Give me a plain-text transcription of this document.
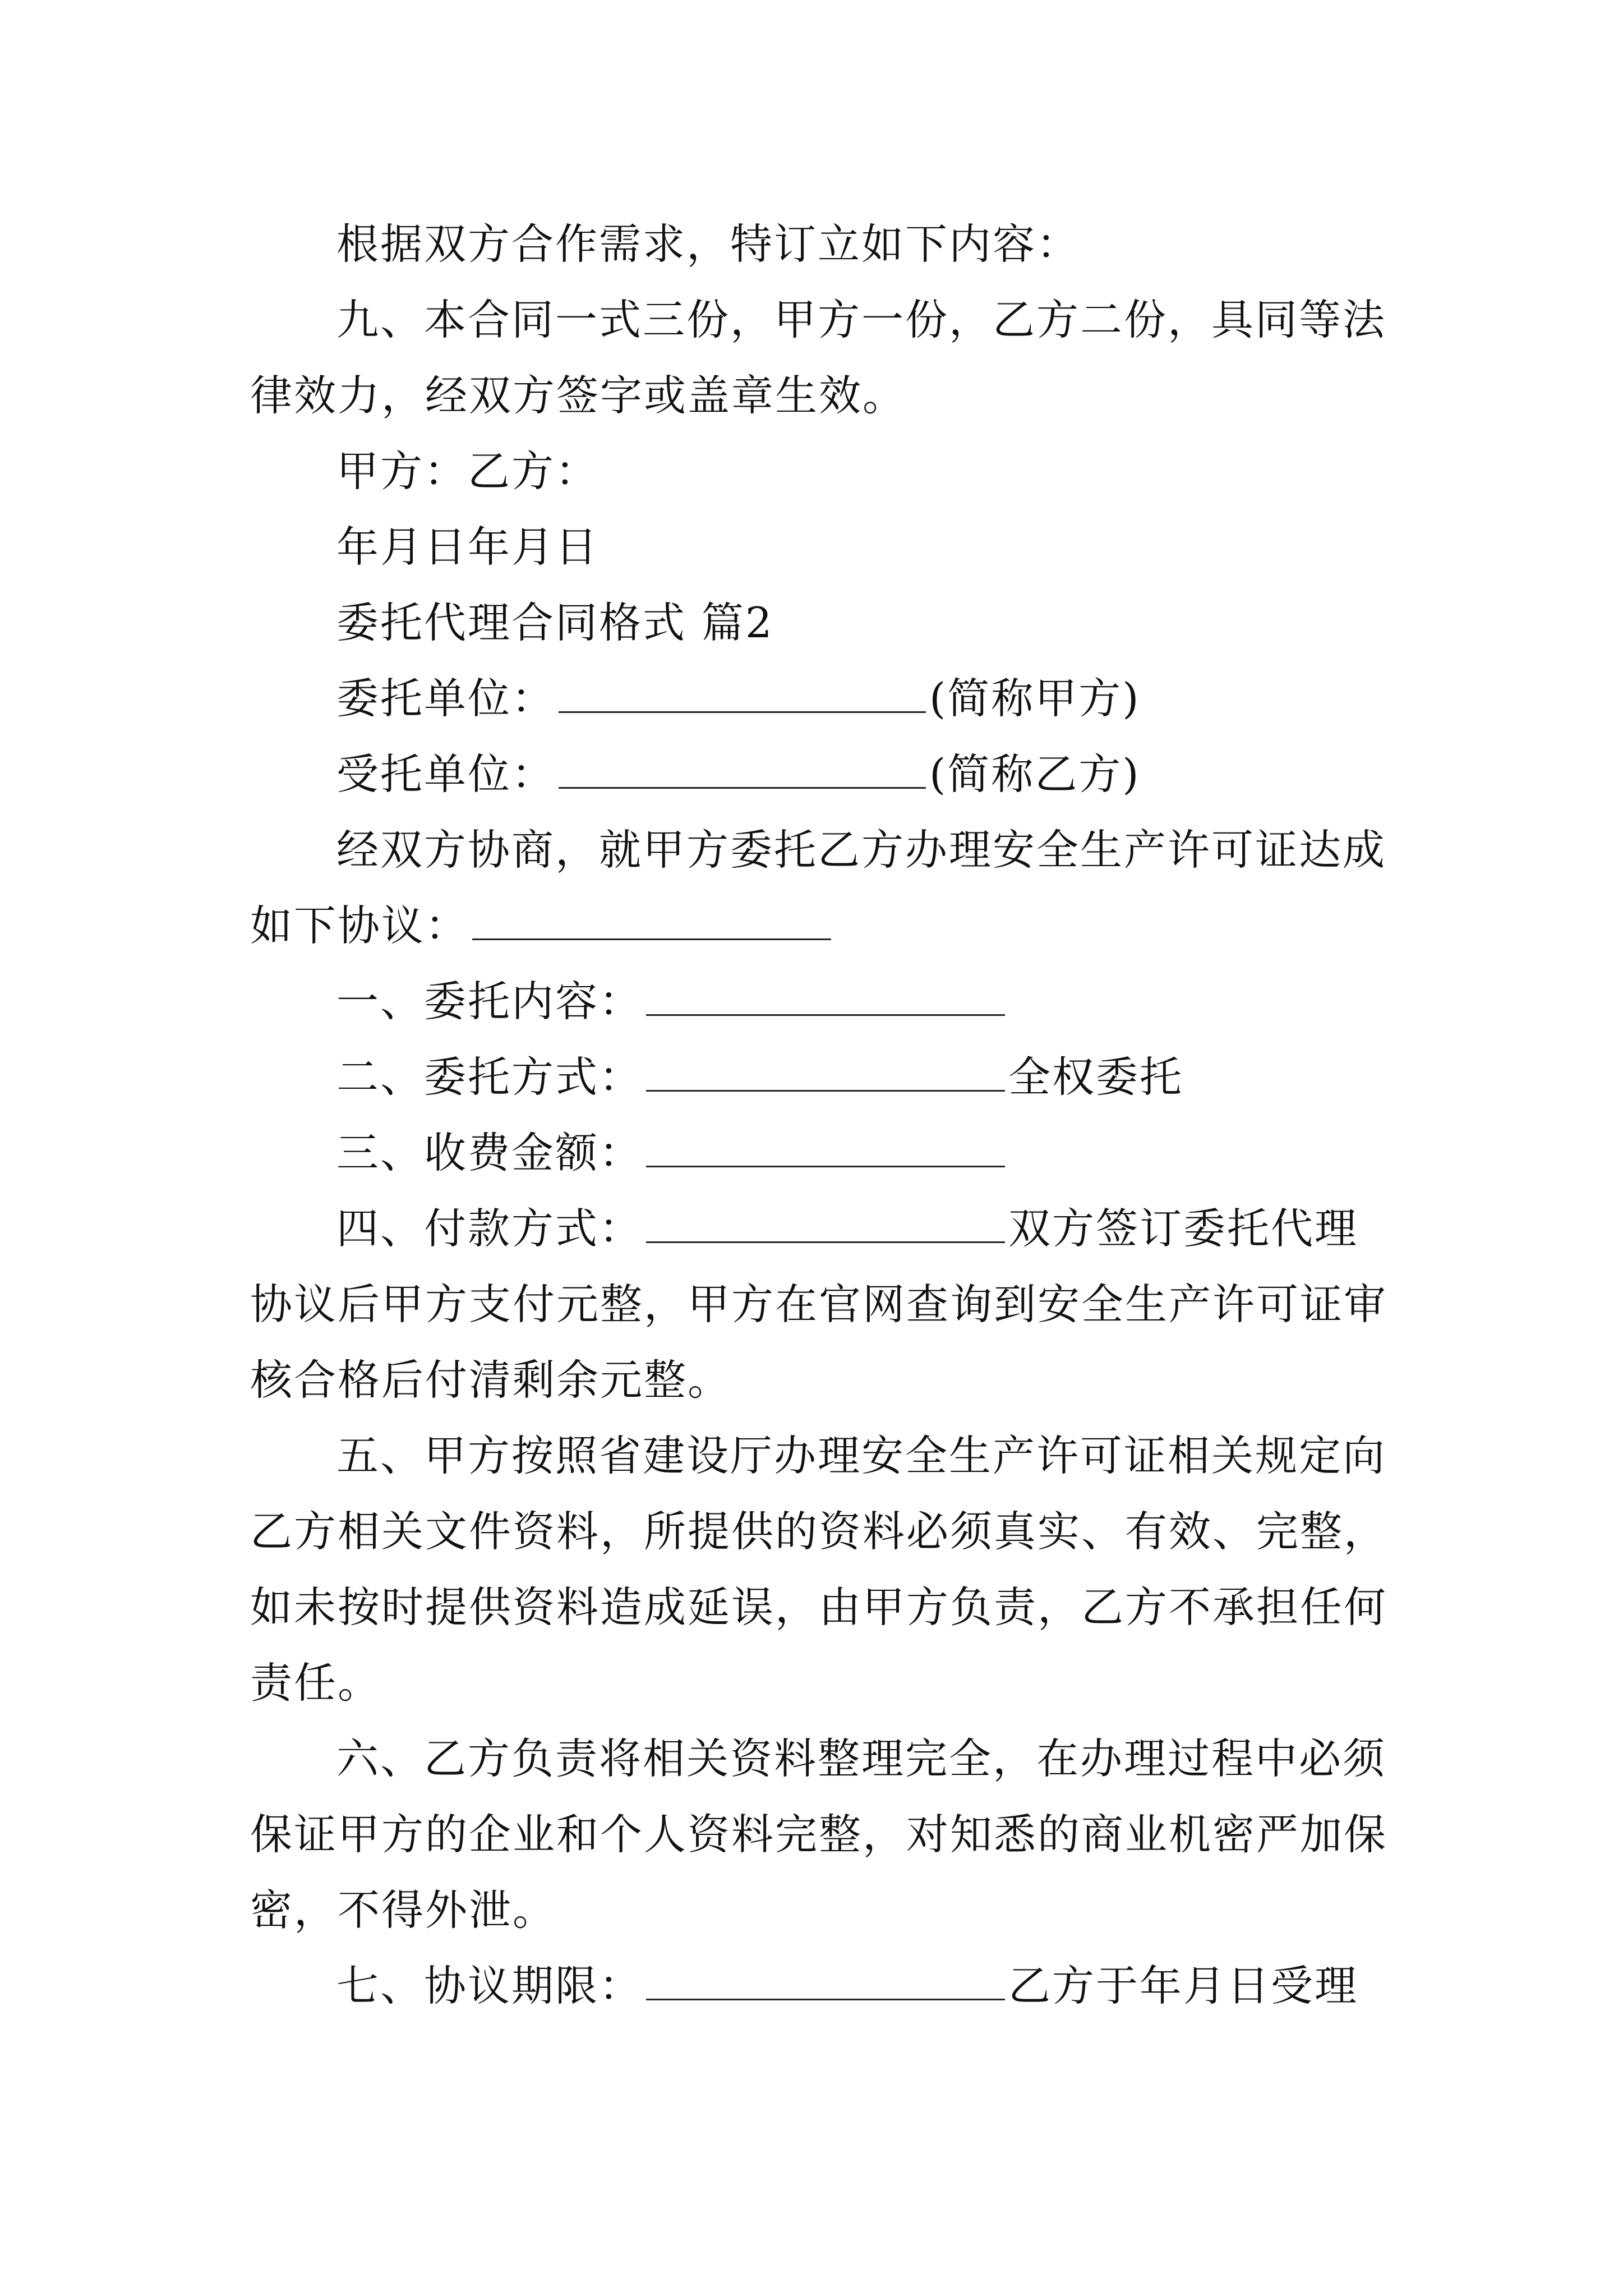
根据双方合作需求，特订立如下内容：
九、本合同一式三份，甲方一份，乙方二份，具同等法
律效力，经双方签字或盖章生效。
甲方：乙方：
年月日年月日
委托代理合同格式 篇2
委托单位：	(简称甲方)
受托单位：	(简称乙方)
经双方协商，就甲方委托乙方办理安全生产许可证达成
如下协议：
一、委托内容：
二、委托方式：	全权委托
三、收费金额：
四、付款方式：	双方签订委托代理
协议后甲方支付元整，甲方在官网查询到安全生产许可证审
核合格后付清剩余元整。
五、甲方按照省建设厅办理安全生产许可证相关规定向
乙方相关文件资料，所提供的资料必须真实、有效、完整，
如未按时提供资料造成延误，由甲方负责，乙方不承担任何
责任。
六、乙方负责将相关资料整理完全，在办理过程中必须
保证甲方的企业和个人资料完整，对知悉的商业机密严加保
密，不得外泄。
七、协议期限：	乙方于年月日受理
